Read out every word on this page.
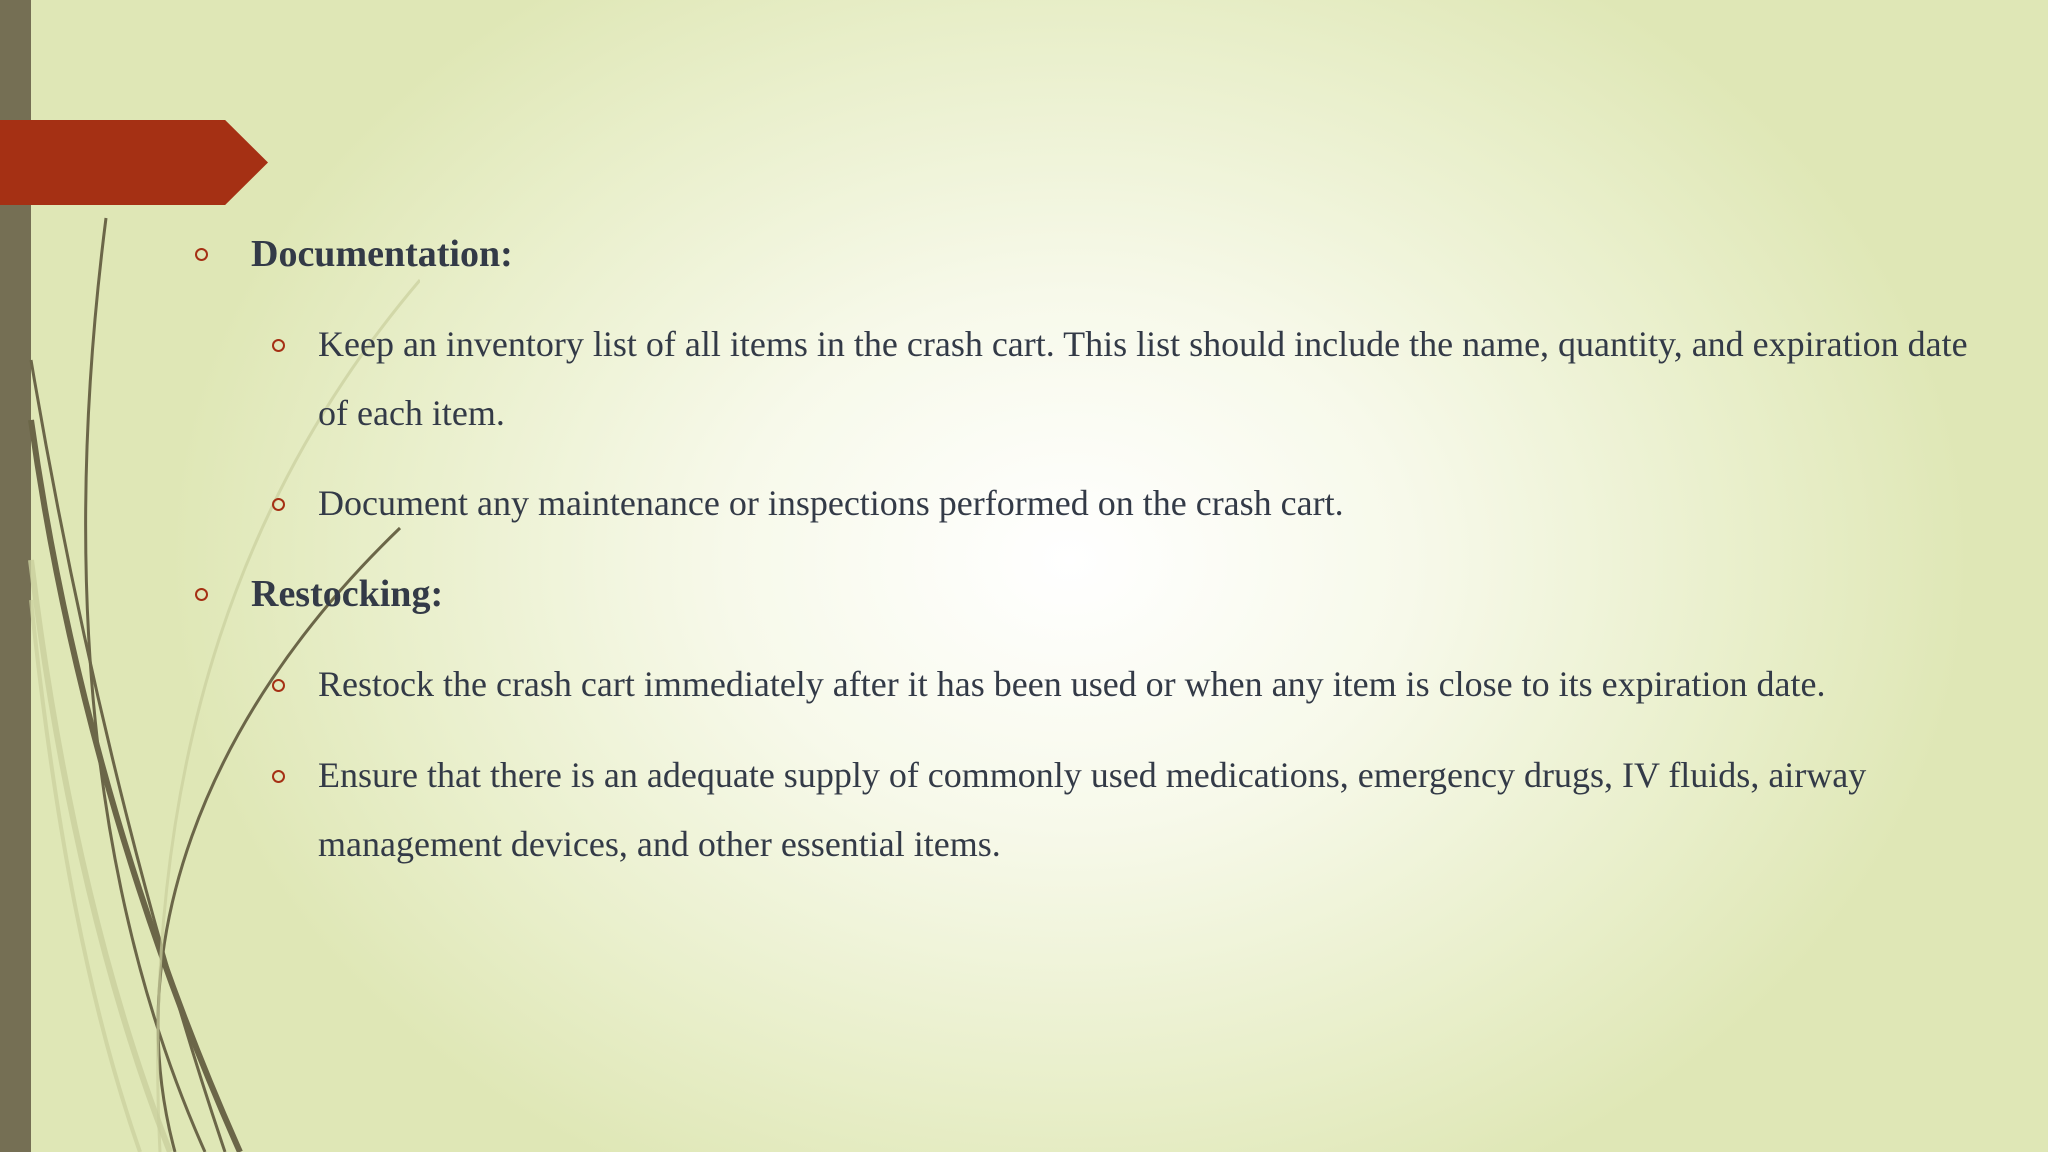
Documentation:
Keep an inventory list of all items in the crash cart. This list should include the name, quantity, and expiration date of each item.
Document any maintenance or inspections performed on the crash cart.
Restocking:
Restock the crash cart immediately after it has been used or when any item is close to its expiration date.
Ensure that there is an adequate supply of commonly used medications, emergency drugs, IV fluids, airway management devices, and other essential items.
